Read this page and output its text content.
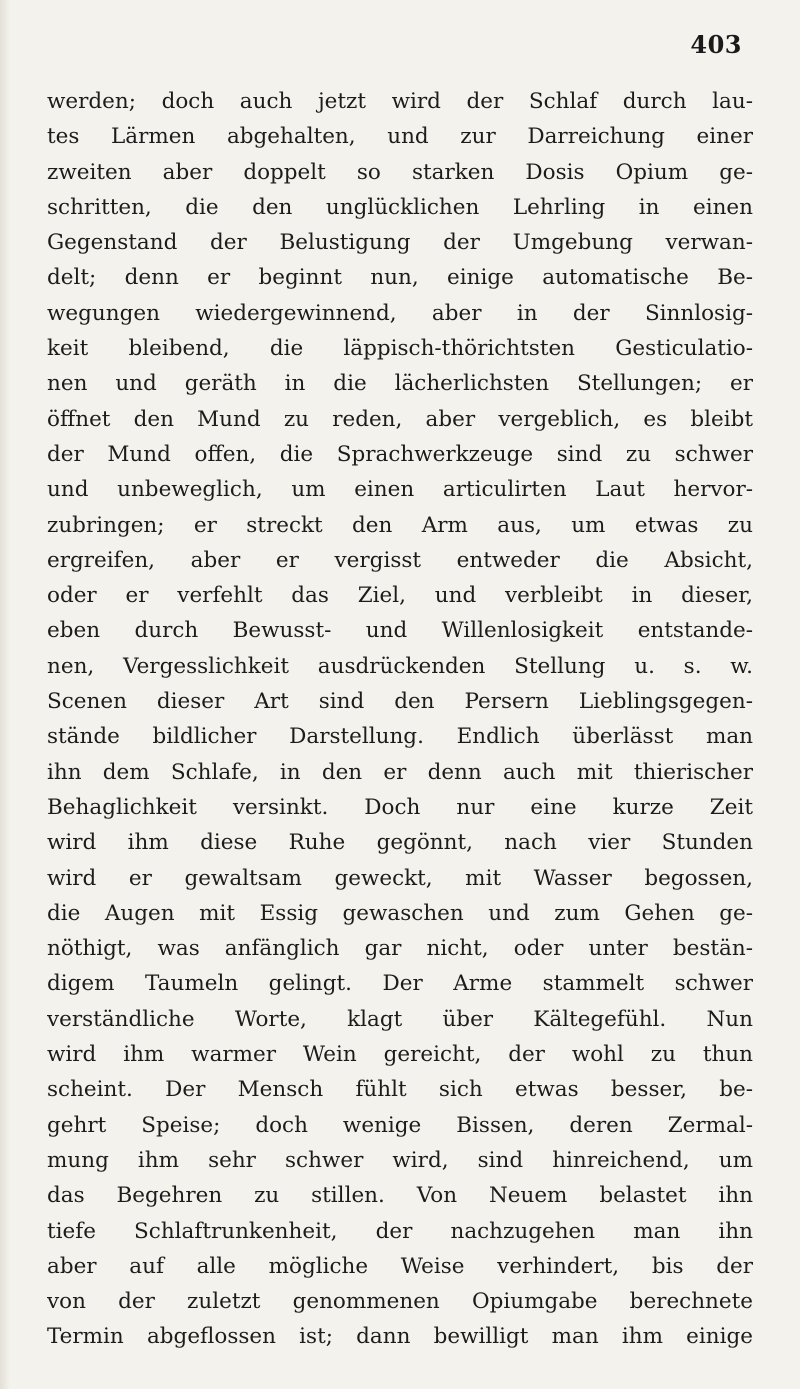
403
werden; doch auch jetzt wird der Schlaf durch lau-
tes Lärmen abgehalten, und zur Darreichung einer
zweiten aber doppelt so starken Dosis Opium ge-
schritten, die den unglücklichen Lehrling in einen
Gegenstand der Belustigung der Umgebung verwan-
delt; denn er beginnt nun, einige automatische Be-
wegungen wiedergewinnend, aber in der Sinnlosig-
keit bleibend, die läppisch-thörichtsten Gesticulatio-
nen und geräth in die lächerlichsten Stellungen; er
öffnet den Mund zu reden, aber vergeblich, es bleibt
der Mund offen, die Sprachwerkzeuge sind zu schwer
und unbeweglich, um einen articulirten Laut hervor-
zubringen; er streckt den Arm aus, um etwas zu
ergreifen, aber er vergisst entweder die Absicht,
oder er verfehlt das Ziel, und verbleibt in dieser,
eben durch Bewusst- und Willenlosigkeit entstande-
nen, Vergesslichkeit ausdrückenden Stellung u. s. w.
Scenen dieser Art sind den Persern Lieblingsgegen-
stände bildlicher Darstellung. Endlich überlässt man
ihn dem Schlafe, in den er denn auch mit thierischer
Behaglichkeit versinkt. Doch nur eine kurze Zeit
wird ihm diese Ruhe gegönnt, nach vier Stunden
wird er gewaltsam geweckt, mit Wasser begossen,
die Augen mit Essig gewaschen und zum Gehen ge-
nöthigt, was anfänglich gar nicht, oder unter bestän-
digem Taumeln gelingt. Der Arme stammelt schwer
verständliche Worte, klagt über Kältegefühl. Nun
wird ihm warmer Wein gereicht, der wohl zu thun
scheint. Der Mensch fühlt sich etwas besser, be-
gehrt Speise; doch wenige Bissen, deren Zermal-
mung ihm sehr schwer wird, sind hinreichend, um
das Begehren zu stillen. Von Neuem belastet ihn
tiefe Schlaftrunkenheit, der nachzugehen man ihn
aber auf alle mögliche Weise verhindert, bis der
von der zuletzt genommenen Opiumgabe berechnete
Termin abgeflossen ist; dann bewilligt man ihm einige
